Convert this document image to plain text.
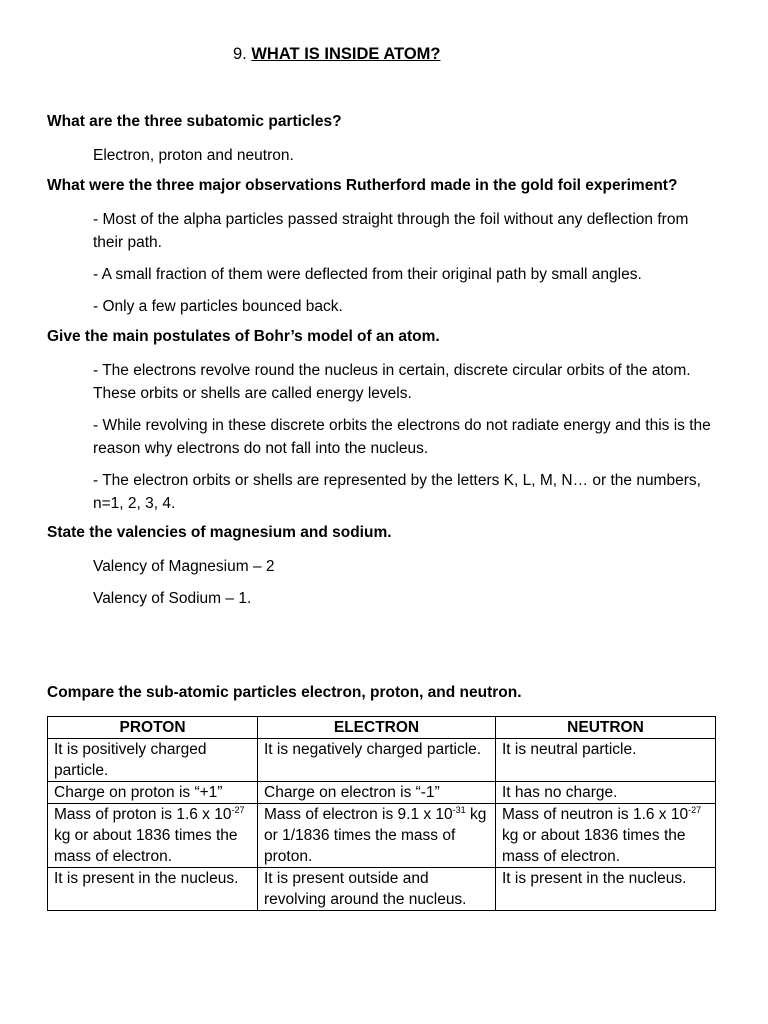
9. WHAT IS INSIDE ATOM?
What are the three subatomic particles?
Electron, proton and neutron.
What were the three major observations Rutherford made in the gold foil experiment?
- Most of the alpha particles passed straight through the foil without any deflection from their path.
- A small fraction of them were deflected from their original path by small angles.
- Only a few particles bounced back.
Give the main postulates of Bohr’s model of an atom.
- The electrons revolve round the nucleus in certain, discrete circular orbits of the atom. These orbits or shells are called energy levels.
- While revolving in these discrete orbits the electrons do not radiate energy and this is the reason why electrons do not fall into the nucleus.
- The electron orbits or shells are represented by the letters K, L, M, N… or the numbers, n=1, 2, 3, 4.
State the valencies of magnesium and sodium.
Valency of Magnesium – 2
Valency of Sodium – 1.
Compare the sub-atomic particles electron, proton, and neutron.
PROTON	ELECTRON	NEUTRON
It is positively charged particle.	It is negatively charged particle.	It is neutral particle.
Charge on proton is “+1”	Charge on electron is “-1”	It has no charge.
Mass of proton is 1.6 x $10^{-27}$ kg or about 1836 times the mass of electron.	Mass of electron is 9.1 x $10^{-31}$ kg or 1/1836 times the mass of proton.	Mass of neutron is 1.6 x $10^{-27}$ kg or about 1836 times the mass of electron.
It is present in the nucleus.	It is present outside and revolving around the nucleus.	It is present in the nucleus.
